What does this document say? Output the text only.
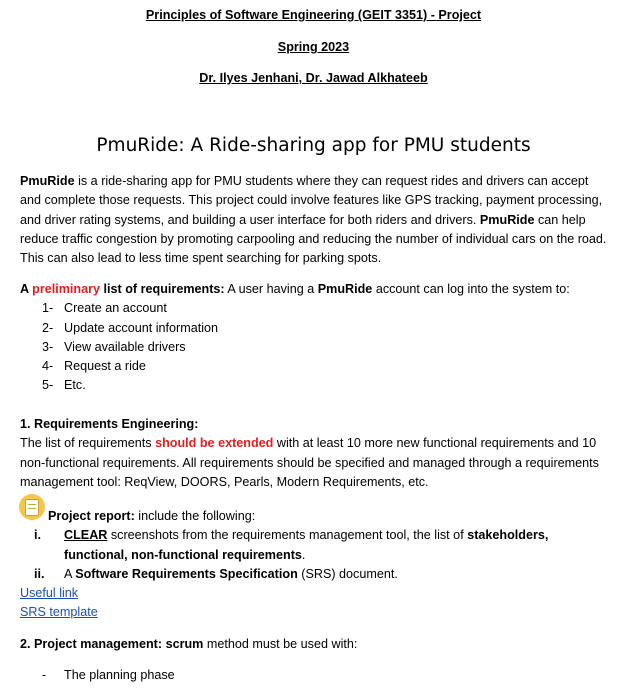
Principles of Software Engineering (GEIT 3351) - Project
Spring 2023
Dr. Ilyes Jenhani, Dr. Jawad Alkhateeb
PmuRide: A Ride-sharing app for PMU students
PmuRide is a ride-sharing app for PMU students where they can request rides and drivers can accept and complete those requests. This project could involve features like GPS tracking, payment processing, and driver rating systems, and building a user interface for both riders and drivers. PmuRide can help reduce traffic congestion by promoting carpooling and reducing the number of individual cars on the road. This can also lead to less time spent searching for parking spots.
A preliminary list of requirements: A user having a PmuRide account can log into the system to:
1- Create an account
2- Update account information
3- View available drivers
4- Request a ride
5- Etc.
1. Requirements Engineering:
The list of requirements should be extended with at least 10 more new functional requirements and 10 non-functional requirements. All requirements should be specified and managed through a requirements management tool: ReqView, DOORS, Pearls, Modern Requirements, etc.
Project report: include the following:
i.	CLEAR screenshots from the requirements management tool, the list of stakeholders, functional, non-functional requirements.
ii.	A Software Requirements Specification (SRS) document.
Useful link
SRS template
2. Project management: scrum method must be used with:
-	The planning phase
